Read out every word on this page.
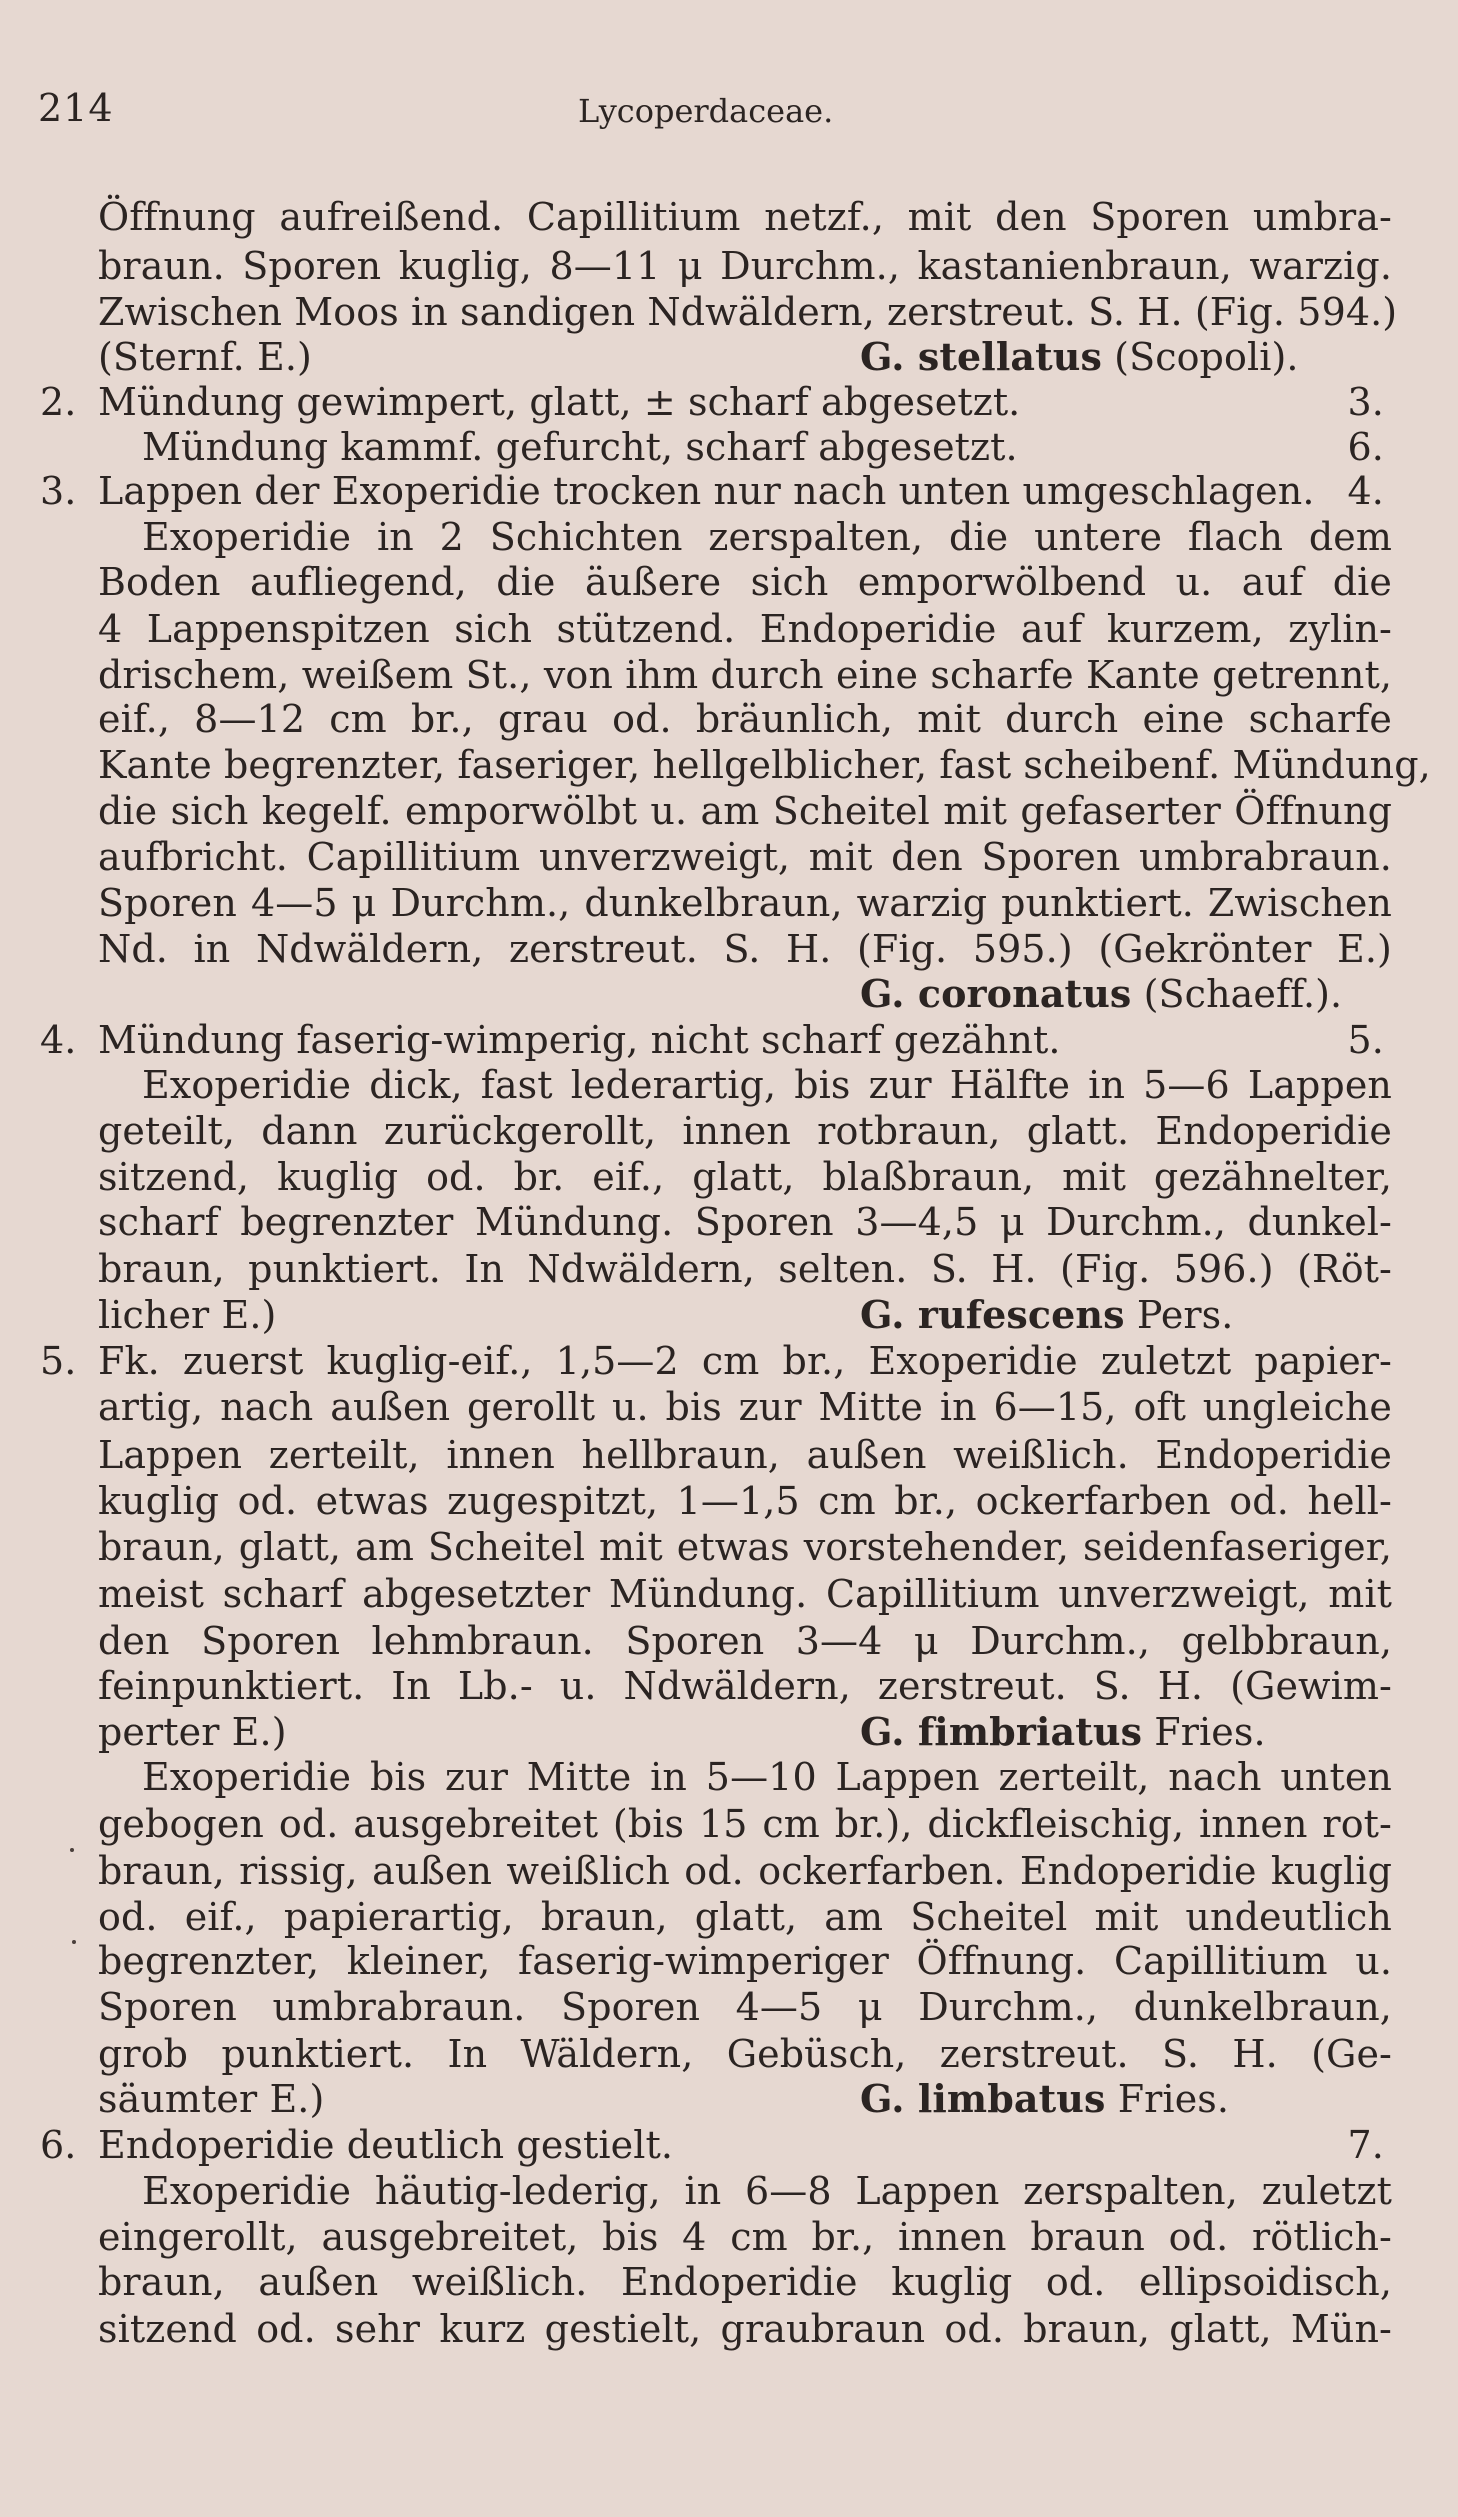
214	Lycoperdaceae.
Öffnung aufreißend. Capillitium netzf., mit den Sporen umbra-
braun. Sporen kuglig, 8—11 μ Durchm., kastanienbraun, warzig.
Zwischen Moos in sandigen Ndwäldern, zerstreut. S. H. (Fig. 594.)
(Sternf. E.)	G. stellatus (Scopoli).
2. Mündung gewimpert, glatt, ± scharf abgesetzt.	3.
Mündung kammf. gefurcht, scharf abgesetzt.	6.
3. Lappen der Exoperidie trocken nur nach unten umgeschlagen. 4.
Exoperidie in 2 Schichten zerspalten, die untere flach dem
Boden aufliegend, die äußere sich emporwölbend u. auf die
4 Lappenspitzen sich stützend. Endoperidie auf kurzem, zylin-
drischem, weißem St., von ihm durch eine scharfe Kante getrennt,
eif., 8—12 cm br., grau od. bräunlich, mit durch eine scharfe
Kante begrenzter, faseriger, hellgelblicher, fast scheibenf. Mündung,
die sich kegelf. emporwölbt u. am Scheitel mit gefaserter Öffnung
aufbricht. Capillitium unverzweigt, mit den Sporen umbrabraun.
Sporen 4—5 μ Durchm., dunkelbraun, warzig punktiert. Zwischen
Nd. in Ndwäldern, zerstreut. S. H. (Fig. 595.) (Gekrönter E.)
G. coronatus (Schaeff.).
4. Mündung faserig-wimperig, nicht scharf gezähnt.	5.
Exoperidie dick, fast lederartig, bis zur Hälfte in 5—6 Lappen
geteilt, dann zurückgerollt, innen rotbraun, glatt. Endoperidie
sitzend, kuglig od. br. eif., glatt, blaßbraun, mit gezähnelter,
scharf begrenzter Mündung. Sporen 3—4,5 μ Durchm., dunkel-
braun, punktiert. In Ndwäldern, selten. S. H. (Fig. 596.) (Röt-
licher E.)	G. rufescens Pers.
5. Fk. zuerst kuglig-eif., 1,5—2 cm br., Exoperidie zuletzt papier-
artig, nach außen gerollt u. bis zur Mitte in 6—15, oft ungleiche
Lappen zerteilt, innen hellbraun, außen weißlich. Endoperidie
kuglig od. etwas zugespitzt, 1—1,5 cm br., ockerfarben od. hell-
braun, glatt, am Scheitel mit etwas vorstehender, seidenfaseriger,
meist scharf abgesetzter Mündung. Capillitium unverzweigt, mit
den Sporen lehmbraun. Sporen 3—4 μ Durchm., gelbbraun,
feinpunktiert. In Lb.- u. Ndwäldern, zerstreut. S. H. (Gewim-
perter E.)	G. fimbriatus Fries.
Exoperidie bis zur Mitte in 5—10 Lappen zerteilt, nach unten
gebogen od. ausgebreitet (bis 15 cm br.), dickfleischig, innen rot-
braun, rissig, außen weißlich od. ockerfarben. Endoperidie kuglig
od. eif., papierartig, braun, glatt, am Scheitel mit undeutlich
begrenzter, kleiner, faserig-wimperiger Öffnung. Capillitium u.
Sporen umbrabraun. Sporen 4—5 μ Durchm., dunkelbraun,
grob punktiert. In Wäldern, Gebüsch, zerstreut. S. H. (Ge-
säumter E.)	G. limbatus Fries.
6. Endoperidie deutlich gestielt.	7.
Exoperidie häutig-lederig, in 6—8 Lappen zerspalten, zuletzt
eingerollt, ausgebreitet, bis 4 cm br., innen braun od. rötlich-
braun, außen weißlich. Endoperidie kuglig od. ellipsoidisch,
sitzend od. sehr kurz gestielt, graubraun od. braun, glatt, Mün-
